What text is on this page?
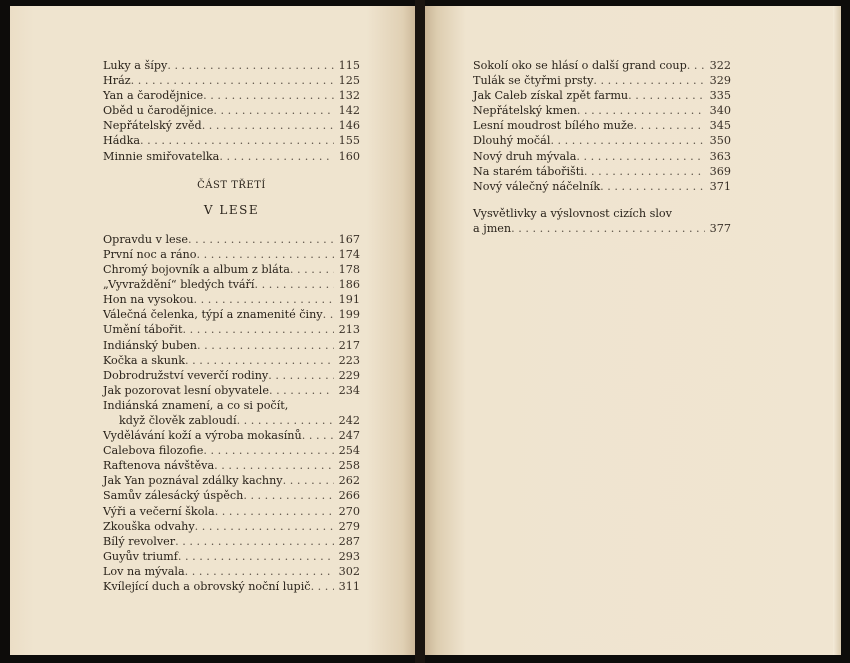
Luky a šípy . .	115
Hráz . .	125
Yan a čarodějnice . .	132
Oběd u čarodějnice . .	142
Nepřátelský zvěd . .	146
Hádka . .	155
Minnie smiřovatelka . .	160
ČÁST TŘETÍ
V LESE
Opravdu v lese . .	167
První noc a ráno . .	174
Chromý bojovník a album z bláta . .	178
„Vyvraždění“ bledých tváří . .	186
Hon na vysokou . .	191
Válečná čelenka, týpí a znamenité činy . .	199
Umění tábořit . .	213
Indiánský buben . .	217
Kočka a skunk . .	223
Dobrodružství veverčí rodiny . .	229
Jak pozorovat lesní obyvatele . .	234
Indiánská znamení, a co si počít,
když člověk zabloudí . .	242
Vydělávání koží a výroba mokasínů . .	247
Calebova filozofie . .	254
Raftenova návštěva . .	258
Jak Yan poznával zdálky kachny . .	262
Samův zálesácký úspěch . .	266
Výři a večerní škola . .	270
Zkouška odvahy . .	279
Bílý revolver . .	287
Guyův triumf . .	293
Lov na mývala . .	302
Kvílející duch a obrovský noční lupič . .	311
Sokolí oko se hlásí o další grand coup . .	322
Tulák se čtyřmi prsty . .	329
Jak Caleb získal zpět farmu . .	335
Nepřátelský kmen . .	340
Lesní moudrost bílého muže . .	345
Dlouhý močál . .	350
Nový druh mývala . .	363
Na starém tábořišti . .	369
Nový válečný náčelník . .	371
Vysvětlivky a výslovnost cizích slov
a jmen . .	377
